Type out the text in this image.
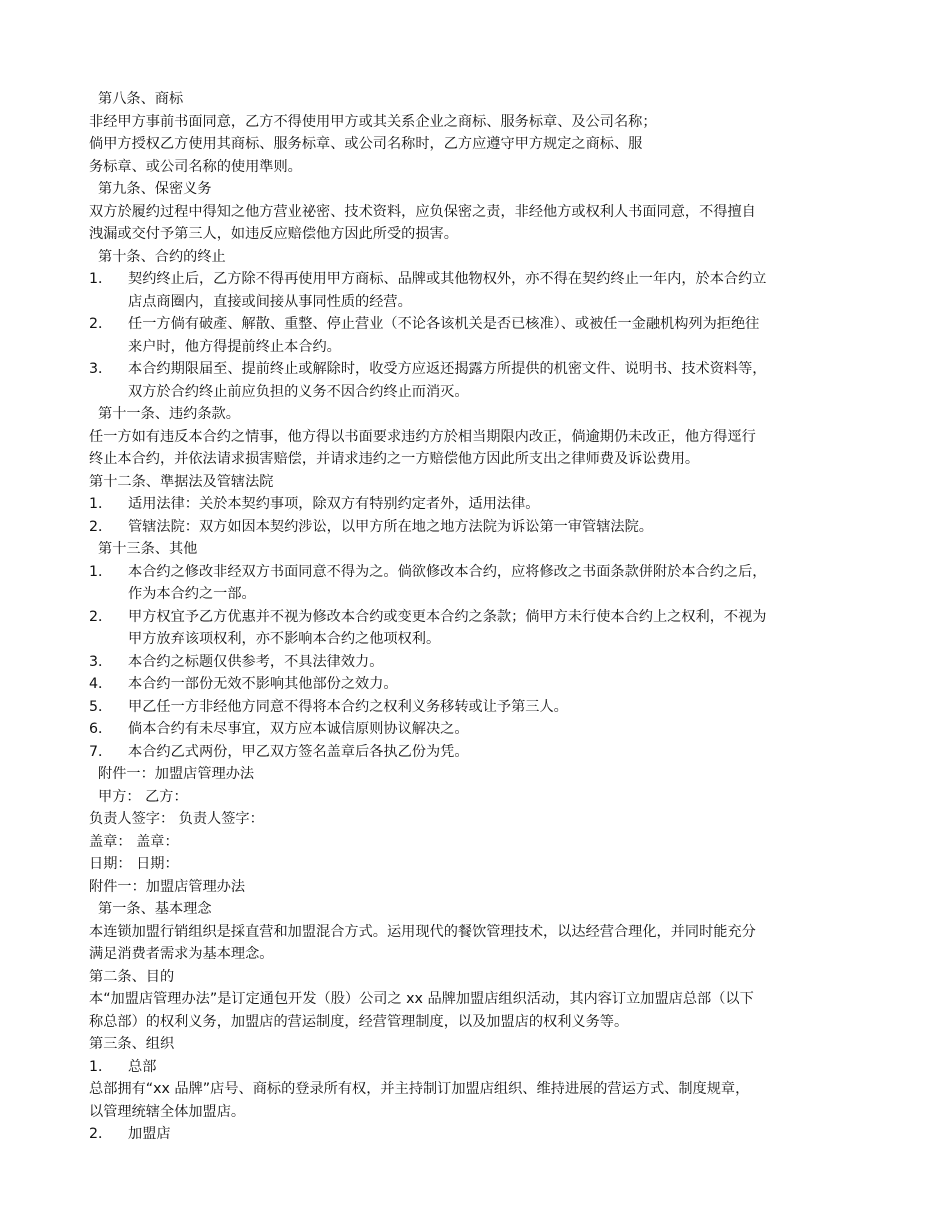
第八条、商标
非经甲方事前书面同意，乙方不得使用甲方或其关系企业之商标、服务标章、及公司名称；
倘甲方授权乙方使用其商标、服务标章、或公司名称时，乙方应遵守甲方规定之商标、服
务标章、或公司名称的使用準则。
第九条、保密义务
双方於履约过程中得知之他方营业祕密、技术资料，应负保密之责，非经他方或权利人书面同意，不得擅自
洩漏或交付予第三人，如违反应赔偿他方因此所受的损害。
第十条、合约的终止
1．	契约终止后，乙方除不得再使用甲方商标、品牌或其他物权外，亦不得在契约终止一年内，於本合约立
店点商圈内，直接或间接从事同性质的经营。
2．	任一方倘有破產、解散、重整、停止营业（不论各该机关是否已核准）、或被任一金融机构列为拒绝往
来户时，他方得提前终止本合约。
3．	本合约期限届至、提前终止或解除时，收受方应返还揭露方所提供的机密文件、说明书、技术资料等，
双方於合约终止前应负担的义务不因合约终止而消灭。
第十一条、违约条款。
任一方如有违反本合约之情事，他方得以书面要求违约方於相当期限内改正，倘逾期仍未改正，他方得逕行
终止本合约，并依法请求损害赔偿，并请求违约之一方赔偿他方因此所支出之律师费及诉讼费用。
第十二条、準据法及管辖法院
1．	适用法律：关於本契约事项，除双方有特别约定者外，适用法律。
2．	管辖法院：双方如因本契约涉讼，以甲方所在地之地方法院为诉讼第一审管辖法院。
第十三条、其他
1．	本合约之修改非经双方书面同意不得为之。倘欲修改本合约，应将修改之书面条款併附於本合约之后，
作为本合约之一部。
2．	甲方权宜予乙方优惠并不视为修改本合约或变更本合约之条款；倘甲方未行使本合约上之权利，不视为
甲方放弃该项权利，亦不影响本合约之他项权利。
3．	本合约之标题仅供参考，不具法律效力。
4．	本合约一部份无效不影响其他部份之效力。
5．	甲乙任一方非经他方同意不得将本合约之权利义务移转或让予第三人。
6．	倘本合约有未尽事宜，双方应本诚信原则协议解决之。
7．	本合约乙式两份，甲乙双方签名盖章后各执乙份为凭。
附件一：加盟店管理办法
甲方： 乙方：
负责人签字： 负责人签字：
盖章： 盖章：
日期： 日期：
附件一：加盟店管理办法
第一条、基本理念
本连锁加盟行销组织是採直营和加盟混合方式。运用现代的餐饮管理技术，以达经营合理化，并同时能充分
满足消费者需求为基本理念。
第二条、目的
本“加盟店管理办法”是订定通包开发（股）公司之 xx 品牌加盟店组织活动，其内容订立加盟店总部（以下
称总部）的权利义务，加盟店的营运制度，经营管理制度，以及加盟店的权利义务等。
第三条、组织
1．	总部
总部拥有“xx 品牌”店号、商标的登录所有权，并主持制订加盟店组织、维持进展的营运方式、制度规章，
以管理统辖全体加盟店。
2．	加盟店
